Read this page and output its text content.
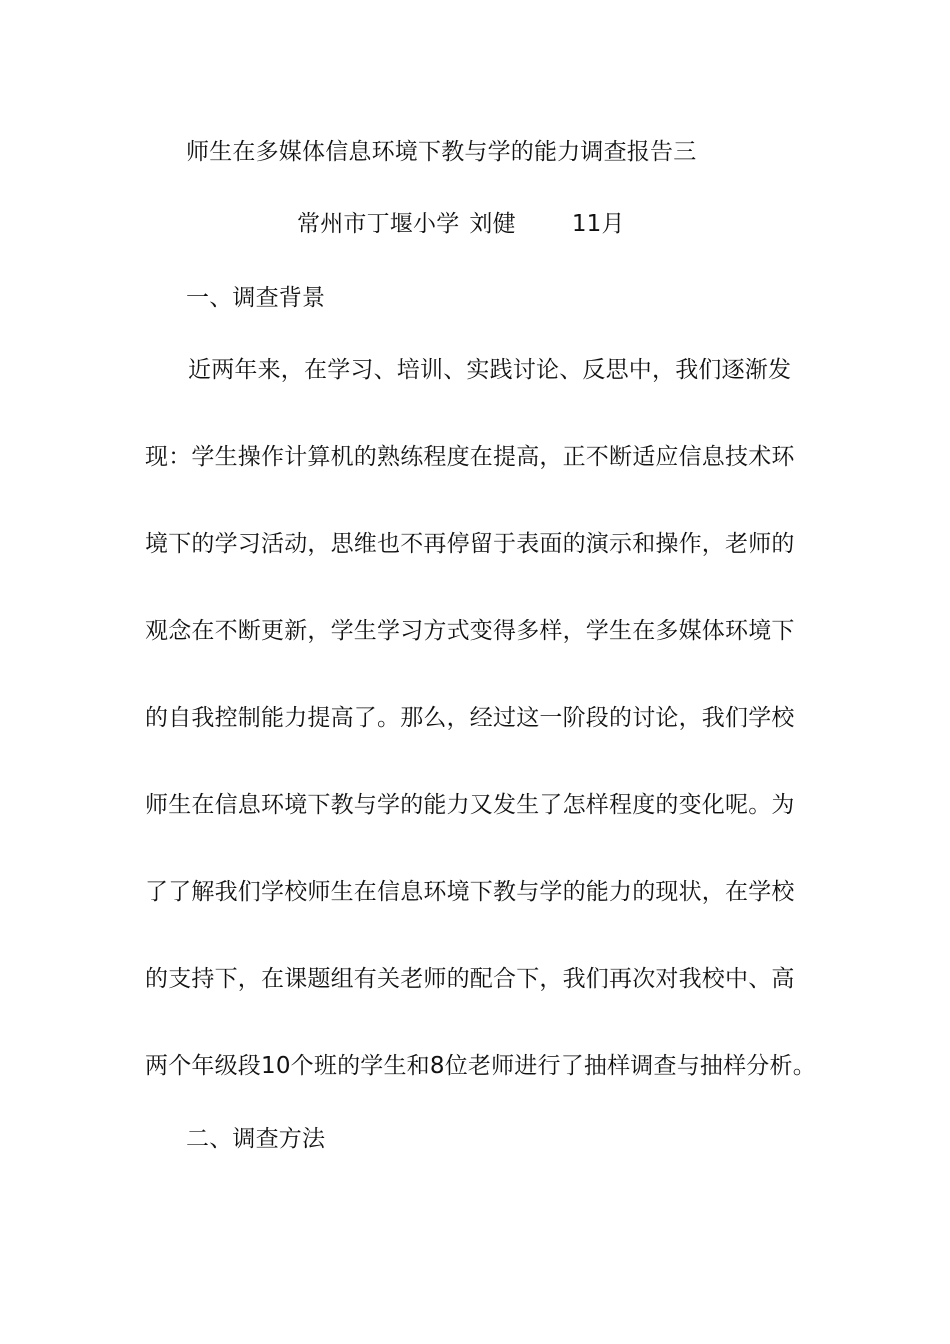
师生在多媒体信息环境下教与学的能力调查报告三
常州市丁堰小学 刘健 11月
一、调查背景
近两年来，在学习、培训、实践讨论、反思中，我们逐渐发
现：学生操作计算机的熟练程度在提高，正不断适应信息技术环
境下的学习活动，思维也不再停留于表面的演示和操作，老师的
观念在不断更新，学生学习方式变得多样，学生在多媒体环境下
的自我控制能力提高了。那么，经过这一阶段的讨论，我们学校
师生在信息环境下教与学的能力又发生了怎样程度的变化呢。为
了了解我们学校师生在信息环境下教与学的能力的现状，在学校
的支持下，在课题组有关老师的配合下，我们再次对我校中、高
两个年级段10个班的学生和8位老师进行了抽样调查与抽样分析。
二、调查方法
